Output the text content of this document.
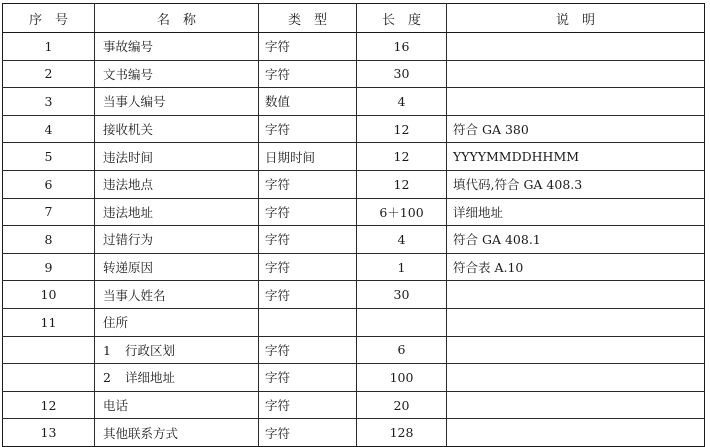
序　号	名　称	类　型	长　度	说　明
1	事故编号	字符	16	
2	文书编号	字符	30	
3	当事人编号	数值	4	
4	接收机关	字符	12	符合 GA 380
5	违法时间	日期时间	12	YYYYMMDDHHMM
6	违法地点	字符	12	填代码,符合 GA 408.3
7	违法地址	字符	6＋100	详细地址
8	过错行为	字符	4	符合 GA 408.1
9	转递原因	字符	1	符合表 A.10
10	当事人姓名	字符	30	
11	住所			
	1 行政区划	字符	6	
	2 详细地址	字符	100	
12	电话	字符	20	
13	其他联系方式	字符	128	
